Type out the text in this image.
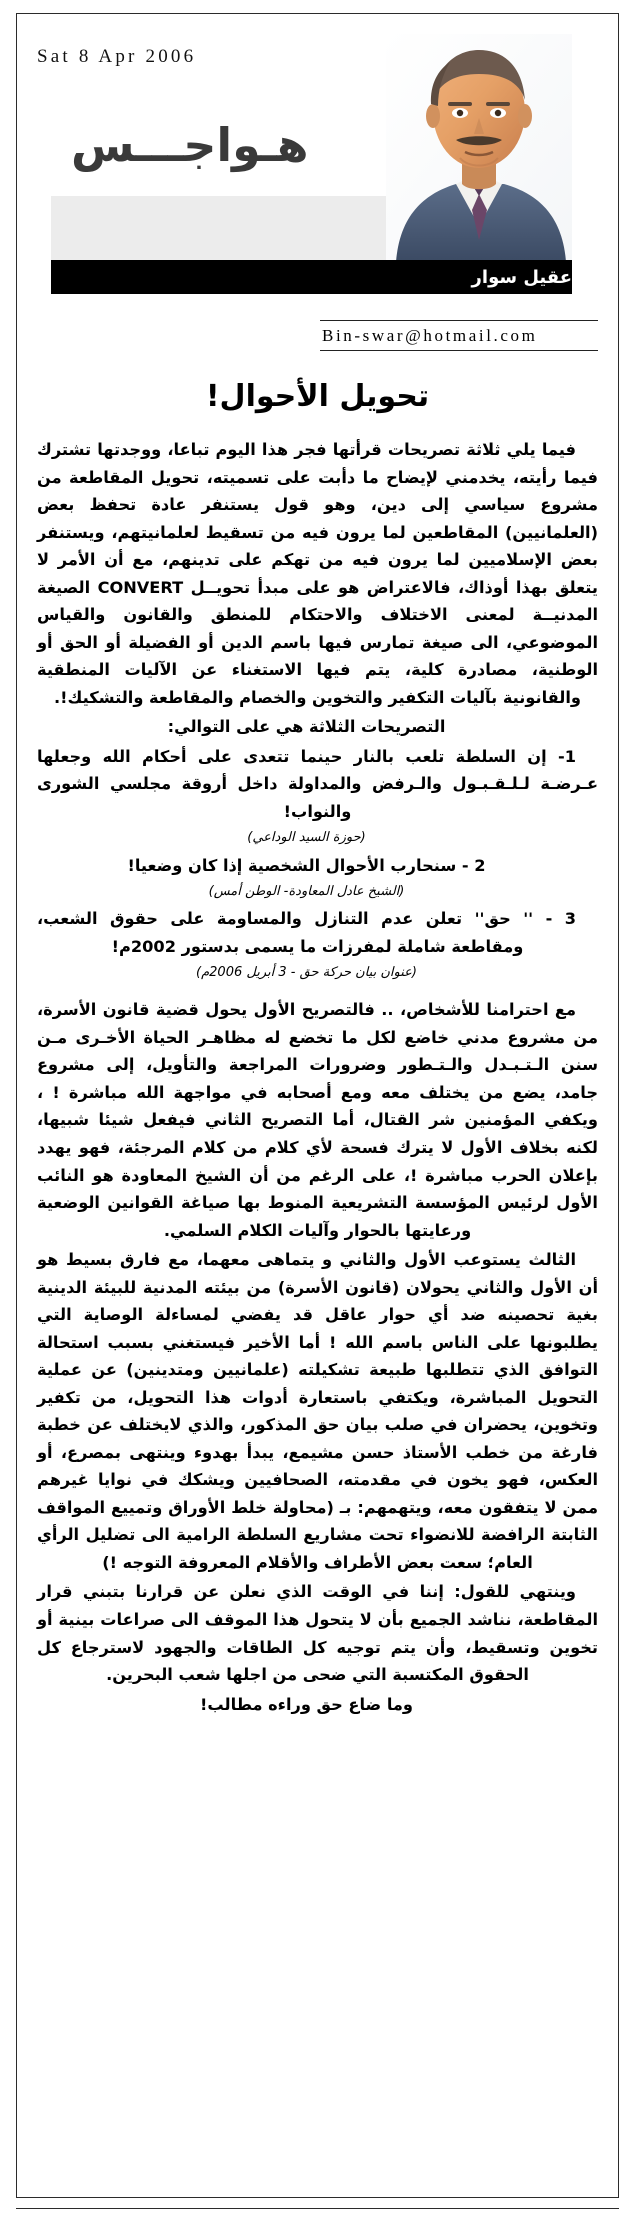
Sat 8 Apr 2006
هـواجـــس
عقيل سوار
Bin-swar@hotmail.com
تحويل الأحوال!

فيما يلي ثلاثة تصريحات قرأتها فجر هذا اليوم تباعا، ووجدتها تشترك فيما رأيته، يخدمني لإيضاح ما دأبت على تسميته، تحويل المقاطعة من مشروع سياسي إلى دين، وهو قول يستنفر عادة تحفظ بعض (العلمانيين) المقاطعين لما يرون فيه من تسقيط لعلمانيتهم، ويستنفر بعض الإسلاميين لما يرون فيه من تهكم على تدينهم، مع أن الأمر لا يتعلق بهذا أوذاك، فالاعتراض هو على مبدأ تحويــل CONVERT الصيغة المدنيــة لمعنى الاختلاف والاحتكام للمنطق والقانون والقياس الموضوعي، الى صيغة تمارس فيها باسم الدين أو الفضيلة أو الحق أو الوطنية، مصادرة كلية، يتم فيها الاستغناء عن الآليات المنطقية والقانونية بآليات التكفير والتخوين والخصام والمقاطعة والتشكيك!.

التصريحات الثلاثة هي على التوالي:

1- إن السلطة تلعب بالنار حينما تتعدى على أحكام الله وجعلها عـرضـة لـلـقـبـول والـرفض والمداولة داخل أروقة مجلسي الشورى والنواب!

(حوزة السيد الوداعي)

2 - سنحارب الأحوال الشخصية إذا كان وضعيا!

(الشيخ عادل المعاودة- الوطن أمس)

3 - '' حق'' تعلن عدم التنازل والمساومة على حقوق الشعب، ومقاطعة شاملة لمفرزات ما يسمى بدستور 2002م!

(عنوان بيان حركة حق - 3 أبريل 2006م)

مع احترامنا للأشخاص، .. فالتصريح الأول يحول قضية قانون الأسرة، من مشروع مدني خاضع لكل ما تخضع له مظاهـر الحياة الأخـرى مـن سنن الـتـبـدل والـتـطور وضرورات المراجعة والتأويل، إلى مشروع جامد، يضع من يختلف معه ومع أصحابه في مواجهة الله مباشرة ! ، ويكفي المؤمنين شر القتال، أما التصريح الثاني فيفعل شيئا شبيها، لكنه بخلاف الأول لا يترك فسحة لأي كلام من كلام المرجئة، فهو يهدد بإعلان الحرب مباشرة !، على الرغم من أن الشيخ المعاودة هو النائب الأول لرئيس المؤسسة التشريعية المنوط بها صياغة القوانين الوضعية ورعايتها بالحوار وآليات الكلام السلمي.

الثالث يستوعب الأول والثاني و يتماهى معهما، مع فارق بسيط هو أن الأول والثاني يحولان (قانون الأسرة) من بيئته المدنية للبيئة الدينية بغية تحصينه ضد أي حوار عاقل قد يفضي لمساءلة الوصاية التي يطلبونها على الناس باسم الله ! أما الأخير فيستغني بسبب استحالة التوافق الذي تتطلبها طبيعة تشكيلته (علمانيين ومتدينين) عن عملية التحويل المباشرة، ويكتفي باستعارة أدوات هذا التحويل، من تكفير وتخوين، يحضران في صلب بيان حق المذكور، والذي لايختلف عن خطبة فارغة من خطب الأستاذ حسن مشيمع، يبدأ بهدوء وينتهى بمصرع، أو العكس، فهو يخون في مقدمته، الصحافيين ويشكك في نوايا غيرهم ممن لا يتفقون معه، ويتهمهم: بـ (محاولة خلط الأوراق وتمييع المواقف الثابتة الرافضة للانضواء تحت مشاريع السلطة الرامية الى تضليل الرأي العام؛ سعت بعض الأطراف والأقلام المعروفة التوجه !)

وينتهي للقول: إننا في الوقت الذي نعلن عن قرارنا بتبني قرار المقاطعة، نناشد الجميع بأن لا يتحول هذا الموقف الى صراعات بينية أو تخوين وتسقيط، وأن يتم توجيه كل الطاقات والجهود لاسترجاع كل الحقوق المكتسبة التي ضحى من اجلها شعب البحرين.

وما ضاع حق وراءه مطالب!
